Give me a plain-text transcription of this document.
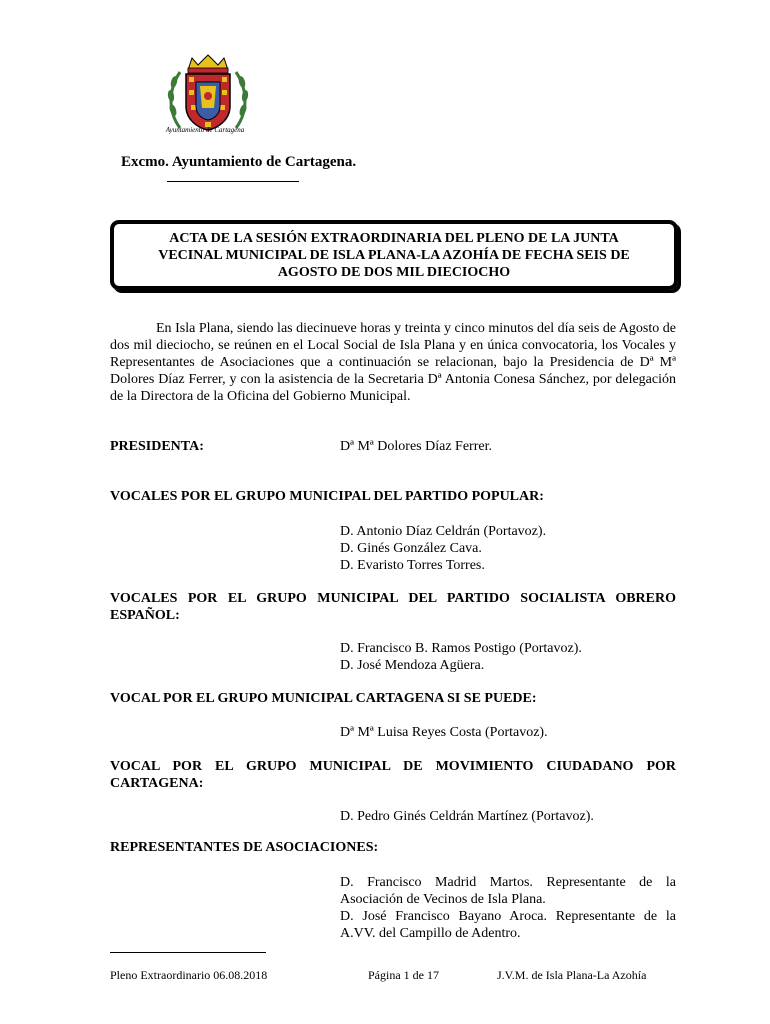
Ayuntamiento de Cartagena
Excmo. Ayuntamiento de Cartagena.

ACTA DE LA SESIÓN EXTRAORDINARIA DEL PLENO DE LA JUNTA
VECINAL MUNICIPAL DE ISLA PLANA-LA AZOHÍA DE FECHA SEIS DE
AGOSTO DE DOS MIL DIECIOCHO

En Isla Plana, siendo las diecinueve horas y treinta y cinco minutos del día seis de Agosto de dos mil dieciocho, se reúnen en el Local Social de Isla Plana y en única convocatoria, los Vocales y Representantes de Asociaciones que a continuación se relacionan, bajo la Presidencia de Dª Mª Dolores Díaz Ferrer, y con la asistencia de la Secretaria Dª Antonia Conesa Sánchez, por delegación de la Directora de la Oficina del Gobierno Municipal.

PRESIDENTA:	Dª Mª Dolores Díaz Ferrer.
VOCALES POR EL GRUPO MUNICIPAL DEL PARTIDO POPULAR:
D. Antonio Díaz Celdrán (Portavoz).
D. Ginés González Cava.
D. Evaristo Torres Torres.

VOCALES POR EL GRUPO MUNICIPAL DEL PARTIDO SOCIALISTA OBRERO ESPAÑOL:

D. Francisco B. Ramos Postigo (Portavoz).
D. José Mendoza Agüera.
VOCAL POR EL GRUPO MUNICIPAL CARTAGENA SI SE PUEDE:
Dª Mª Luisa Reyes Costa (Portavoz).

VOCAL POR EL GRUPO MUNICIPAL DE MOVIMIENTO CIUDADANO POR CARTAGENA:

D. Pedro Ginés Celdrán Martínez (Portavoz).
REPRESENTANTES DE ASOCIACIONES:

D. Francisco Madrid Martos. Representante de la Asociación de Vecinos de Isla Plana.

D. José Francisco Bayano Aroca. Representante de la A.VV. del Campillo de Adentro.

Pleno Extraordinario 06.08.2018	Página 1 de 17	J.V.M. de Isla Plana-La Azohía
